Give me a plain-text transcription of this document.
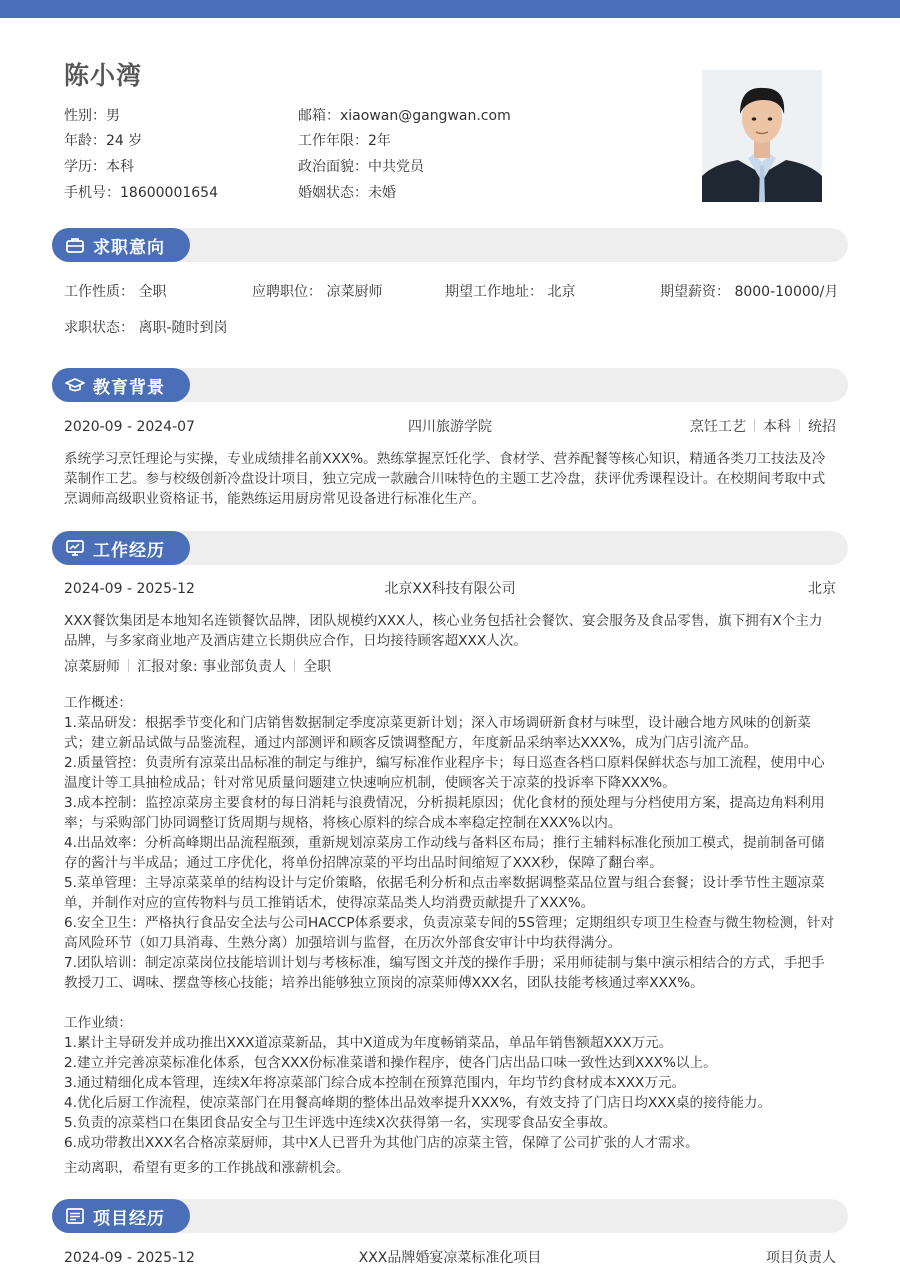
陈小湾
性别：男
年龄：24 岁
学历：本科
手机号：18600001654
邮箱：xiaowan@gangwan.com
工作年限：2年
政治面貌：中共党员
婚姻状态：未婚
求职意向
工作性质： 全职	应聘职位： 凉菜厨师	期望工作地址： 北京	期望薪资： 8000-10000/月
求职状态： 离职-随时到岗
教育背景
2020-09 - 2024-07	四川旅游学院	烹饪工艺 本科 统招

系统学习烹饪理论与实操，专业成绩排名前XXX%。熟练掌握烹饪化学、食材学、营养配餐等核心知识，精通各类刀工技法及冷菜制作工艺。参与校级创新冷盘设计项目，独立完成一款融合川味特色的主题工艺冷盘，获评优秀课程设计。在校期间考取中式烹调师高级职业资格证书，能熟练运用厨房常见设备进行标准化生产。

工作经历
2024-09 - 2025-12	北京XX科技有限公司	北京

XXX餐饮集团是本地知名连锁餐饮品牌，团队规模约XXX人，核心业务包括社会餐饮、宴会服务及食品零售，旗下拥有X个主力品牌，与多家商业地产及酒店建立长期供应合作，日均接待顾客超XXX人次。

凉菜厨师 汇报对象: 事业部负责人 全职

工作概述：

1.菜品研发：根据季节变化和门店销售数据制定季度凉菜更新计划；深入市场调研新食材与味型，设计融合地方风味的创新菜式；建立新品试做与品鉴流程，通过内部测评和顾客反馈调整配方，年度新品采纳率达XXX%，成为门店引流产品。

2.质量管控：负责所有凉菜出品标准的制定与维护，编写标准作业程序卡；每日巡查各档口原料保鲜状态与加工流程，使用中心温度计等工具抽检成品；针对常见质量问题建立快速响应机制，使顾客关于凉菜的投诉率下降XXX%。

3.成本控制：监控凉菜房主要食材的每日消耗与浪费情况，分析损耗原因；优化食材的预处理与分档使用方案，提高边角料利用率；与采购部门协同调整订货周期与规格，将核心原料的综合成本率稳定控制在XXX%以内。

4.出品效率：分析高峰期出品流程瓶颈，重新规划凉菜房工作动线与备料区布局；推行主辅料标准化预加工模式，提前制备可储存的酱汁与半成品；通过工序优化，将单份招牌凉菜的平均出品时间缩短了XXX秒，保障了翻台率。

5.菜单管理：主导凉菜菜单的结构设计与定价策略，依据毛利分析和点击率数据调整菜品位置与组合套餐；设计季节性主题凉菜单，并制作对应的宣传物料与员工推销话术，使得凉菜品类人均消费贡献提升了XXX%。

6.安全卫生：严格执行食品安全法与公司HACCP体系要求，负责凉菜专间的5S管理；定期组织专项卫生检查与微生物检测，针对高风险环节（如刀具消毒、生熟分离）加强培训与监督，在历次外部食安审计中均获得满分。

7.团队培训：制定凉菜岗位技能培训计划与考核标准，编写图文并茂的操作手册；采用师徒制与集中演示相结合的方式，手把手教授刀工、调味、摆盘等核心技能；培养出能够独立顶岗的凉菜师傅XXX名，团队技能考核通过率XXX%。

工作业绩：

1.累计主导研发并成功推出XXX道凉菜新品，其中X道成为年度畅销菜品，单品年销售额超XXX万元。

2.建立并完善凉菜标准化体系，包含XXX份标准菜谱和操作程序，使各门店出品口味一致性达到XXX%以上。

3.通过精细化成本管理，连续X年将凉菜部门综合成本控制在预算范围内，年均节约食材成本XXX万元。

4.优化后厨工作流程，使凉菜部门在用餐高峰期的整体出品效率提升XXX%，有效支持了门店日均XXX桌的接待能力。

5.负责的凉菜档口在集团食品安全与卫生评选中连续X次获得第一名，实现零食品安全事故。

6.成功带教出XXX名合格凉菜厨师，其中X人已晋升为其他门店的凉菜主管，保障了公司扩张的人才需求。

主动离职，希望有更多的工作挑战和涨薪机会。

项目经历
2024-09 - 2025-12	XXX品牌婚宴凉菜标准化项目	项目负责人
